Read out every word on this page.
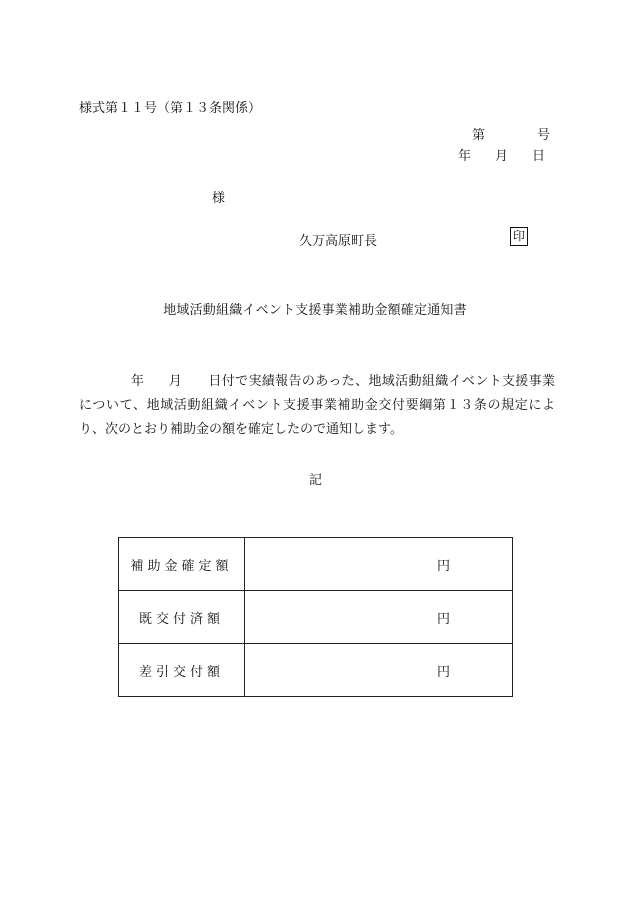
様式第１１号（第１３条関係）
第	号
年 月 日
様
久万高原町長	印
地域活動組織イベント支援事業補助金額確定通知書
年 月 日付で実績報告のあった、地域活動組織イベント支援事業について、地域活動組織イベント支援事業補助金交付要綱第１３条の規定により、次のとおり補助金の額を確定したので通知します。
記
補助金確定額	円
既交付済額	円
差引交付額	円
